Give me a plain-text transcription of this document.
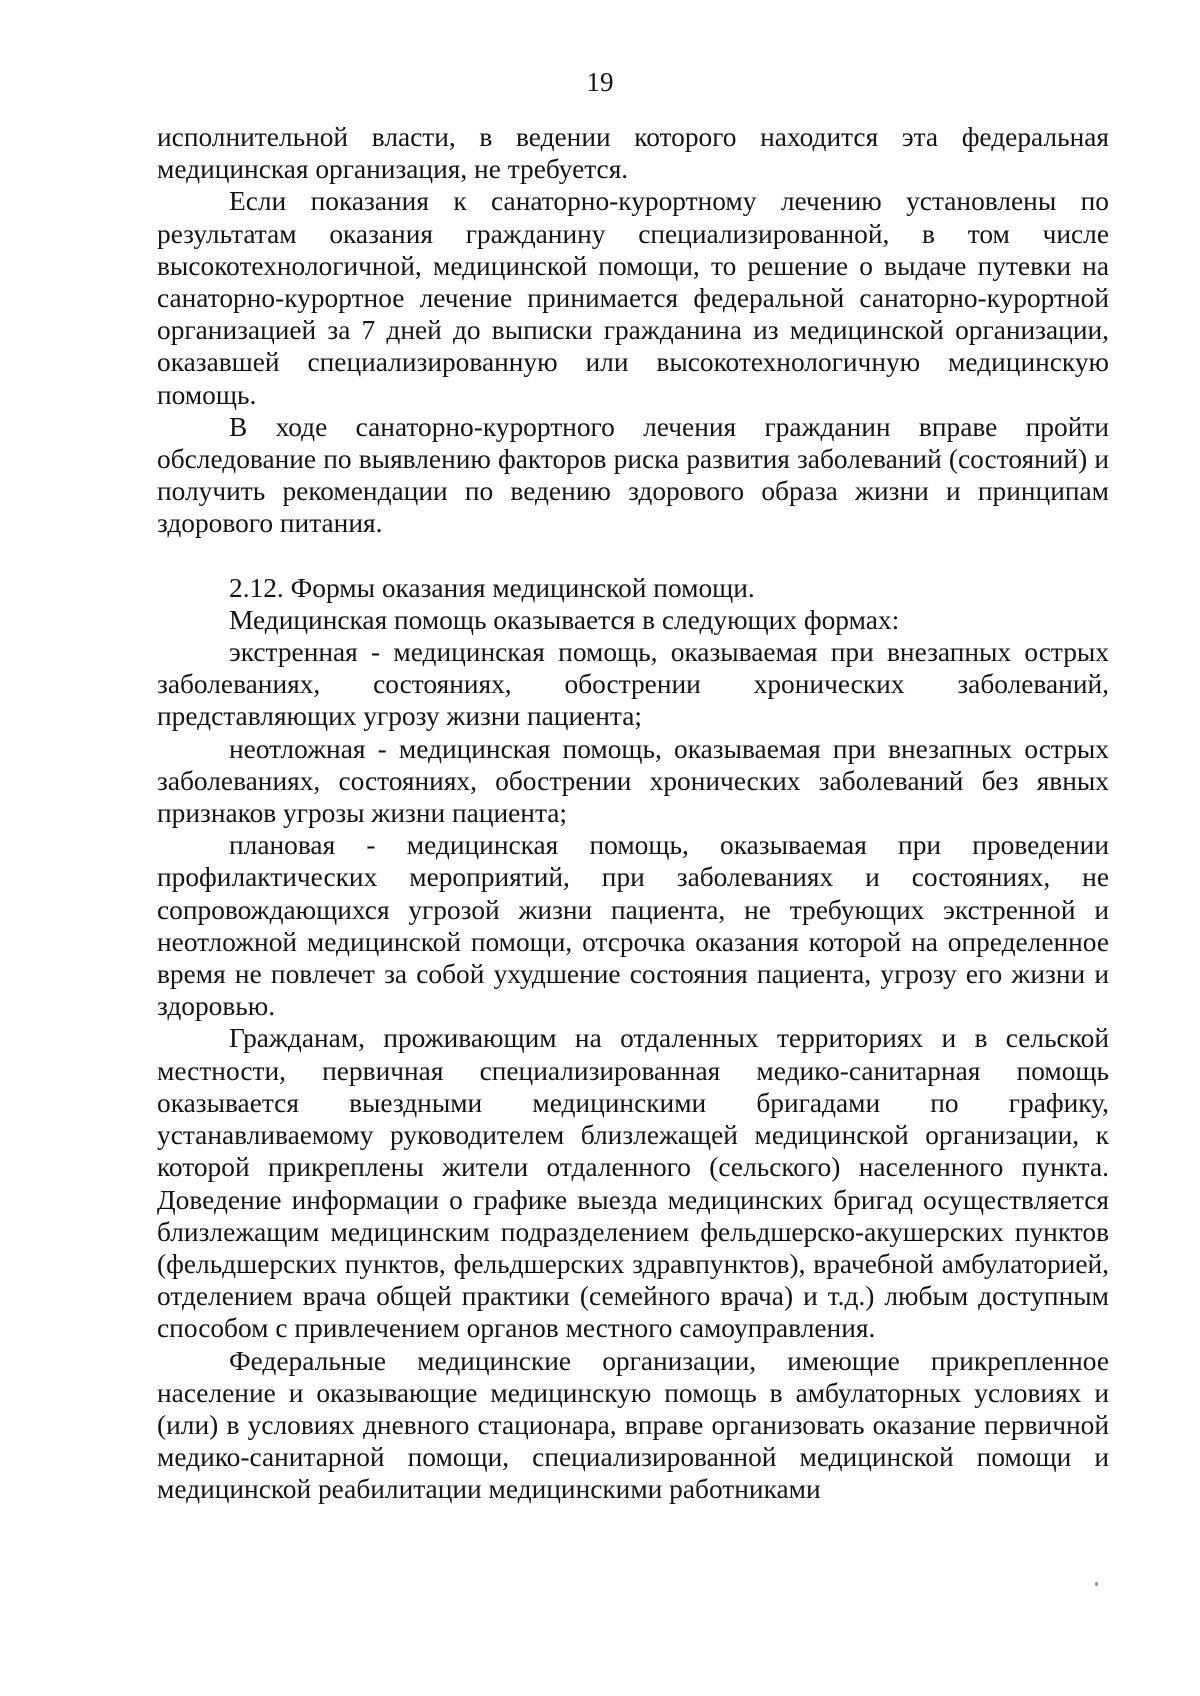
19

исполнительной власти, в ведении которого находится эта федеральная медицинская организация, не требуется.

Если показания к санаторно-курортному лечению установлены по результатам оказания гражданину специализированной, в том числе высокотехнологичной, медицинской помощи, то решение о выдаче путевки на санаторно-курортное лечение принимается федеральной санаторно-курортной организацией за 7 дней до выписки гражданина из медицинской организации, оказавшей специализированную или высокотехнологичную медицинскую помощь.

В ходе санаторно-курортного лечения гражданин вправе пройти обследование по выявлению факторов риска развития заболеваний (состояний) и получить рекомендации по ведению здорового образа жизни и принципам здорового питания.

2.12. Формы оказания медицинской помощи.

Медицинская помощь оказывается в следующих формах:

экстренная - медицинская помощь, оказываемая при внезапных острых заболеваниях, состояниях, обострении хронических заболеваний, представляющих угрозу жизни пациента;

неотложная - медицинская помощь, оказываемая при внезапных острых заболеваниях, состояниях, обострении хронических заболеваний без явных признаков угрозы жизни пациента;

плановая - медицинская помощь, оказываемая при проведении профилактических мероприятий, при заболеваниях и состояниях, не сопровождающихся угрозой жизни пациента, не требующих экстренной и неотложной медицинской помощи, отсрочка оказания которой на определенное время не повлечет за собой ухудшение состояния пациента, угрозу его жизни и здоровью.

Гражданам, проживающим на отдаленных территориях и в сельской местности, первичная специализированная медико-санитарная помощь оказывается выездными медицинскими бригадами по графику, устанавливаемому руководителем близлежащей медицинской организации, к которой прикреплены жители отдаленного (сельского) населенного пункта. Доведение информации о графике выезда медицинских бригад осуществляется близлежащим медицинским подразделением фельдшерско-акушерских пунктов (фельдшерских пунктов, фельдшерских здравпунктов), врачебной амбулаторией, отделением врача общей практики (семейного врача) и т.д.) любым доступным способом с привлечением органов местного самоуправления.

Федеральные медицинские организации, имеющие прикрепленное население и оказывающие медицинскую помощь в амбулаторных условиях и (или) в условиях дневного стационара, вправе организовать оказание первичной медико-санитарной помощи, специализированной медицинской помощи и медицинской реабилитации медицинскими работниками
